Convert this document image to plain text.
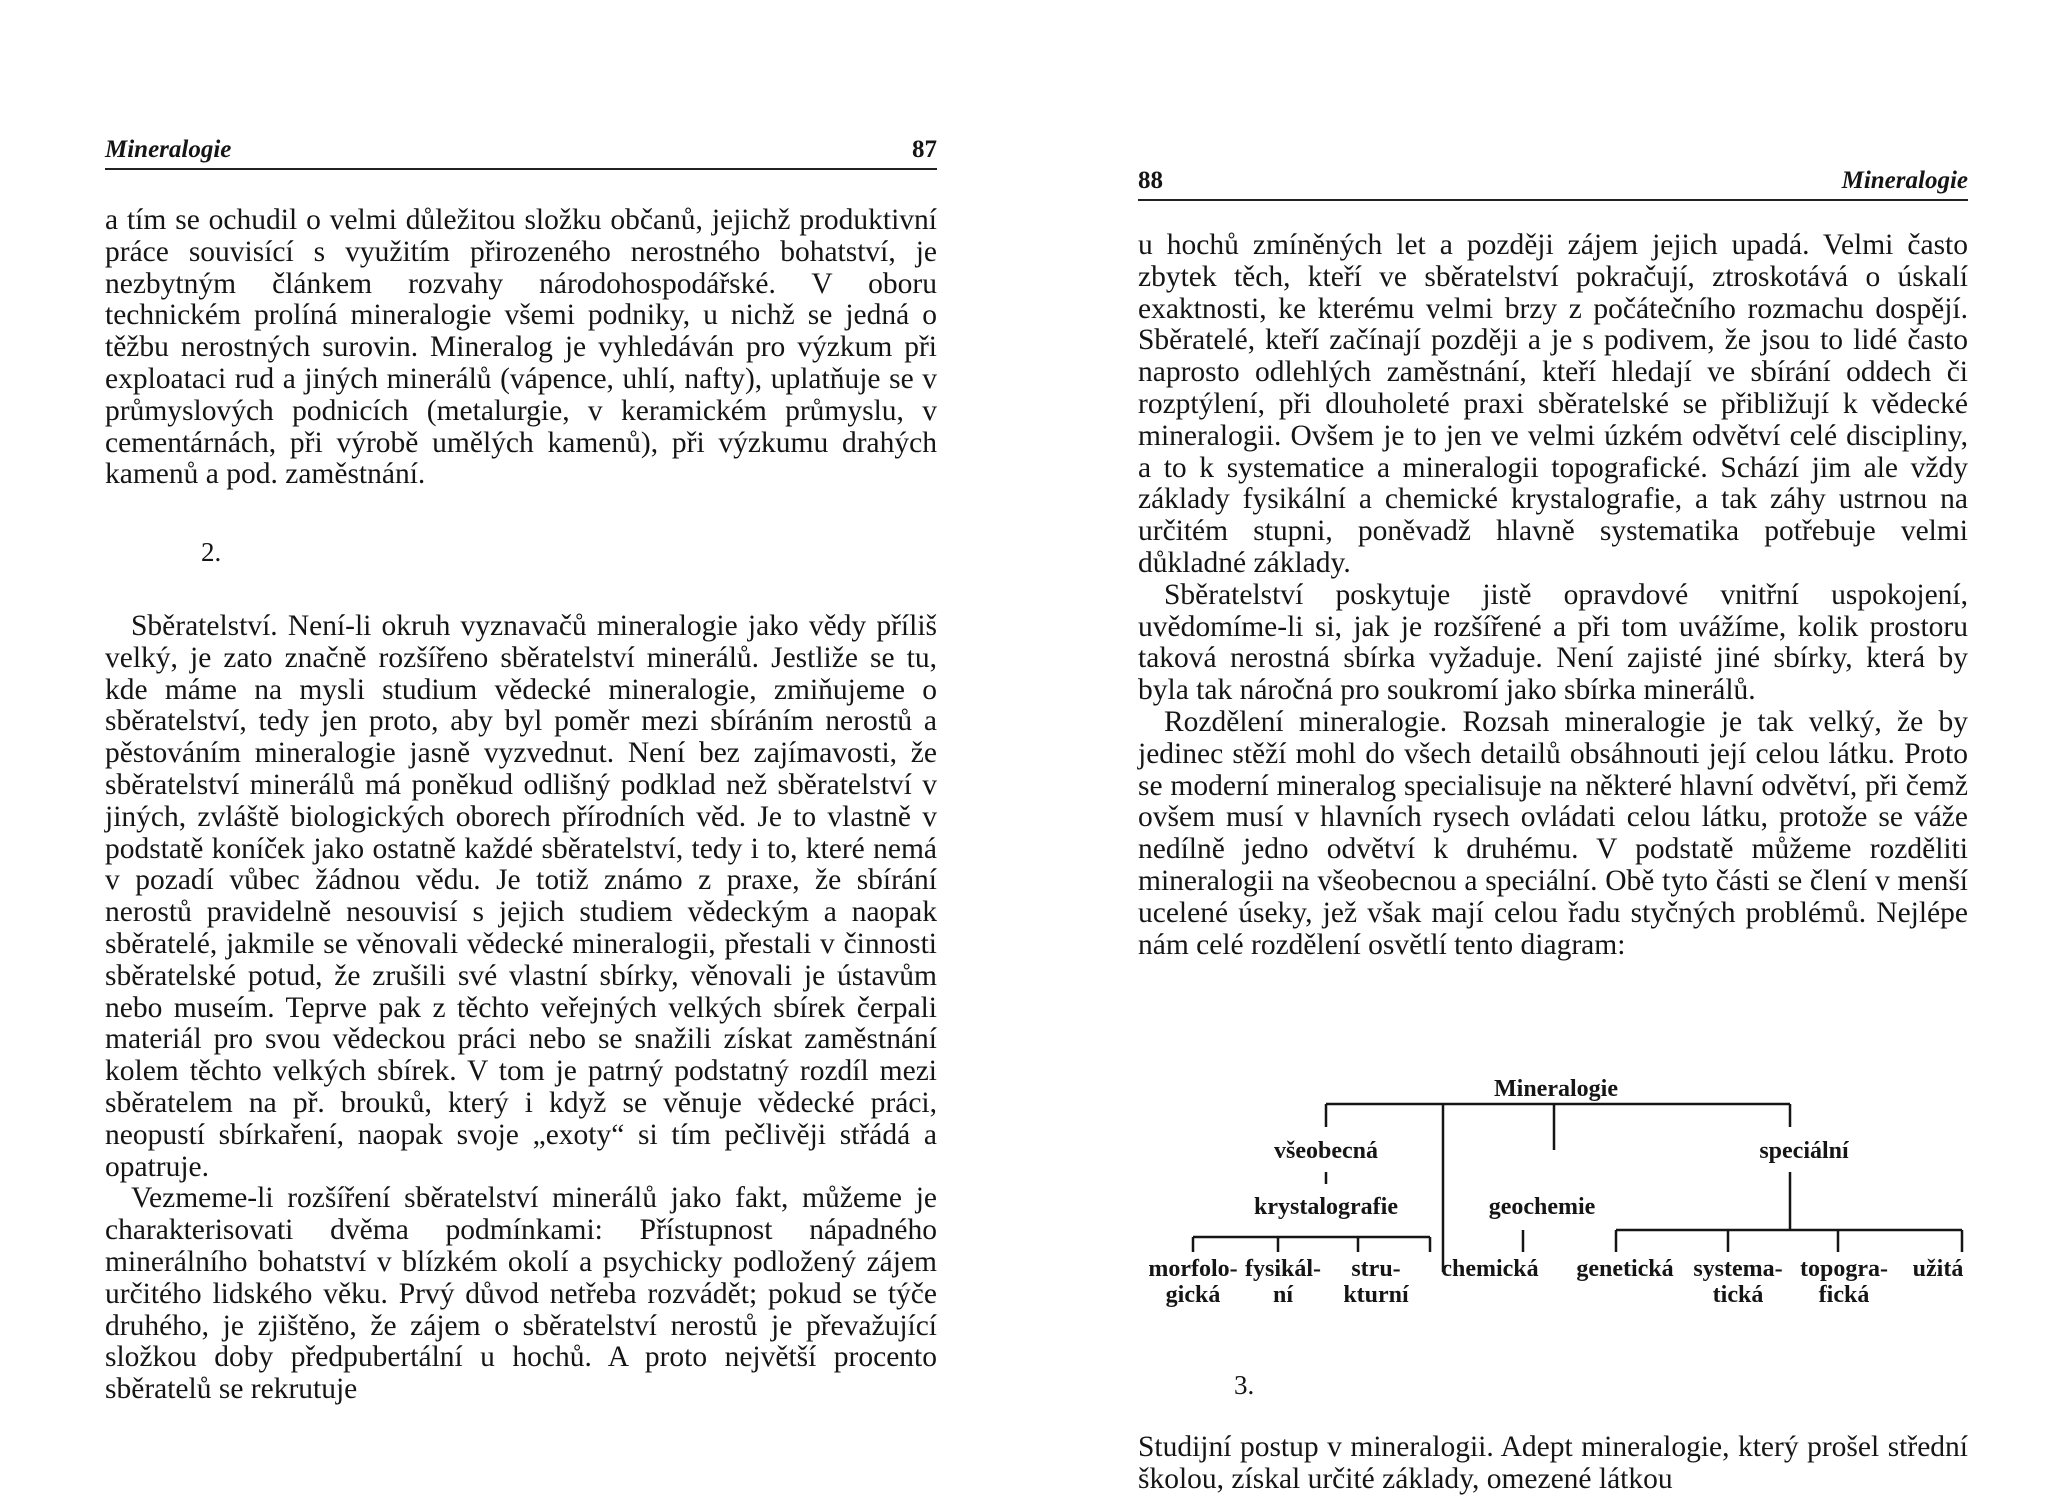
Mineralogie	87

a tím se ochudil o velmi důležitou složku občanů, jejichž produktivní práce souvisící s využitím přirozeného nerostného bohatství, je nezbytným článkem rozvahy národohospodářské. V oboru technickém prolíná mineralogie všemi podniky, u nichž se jedná o těžbu nerostných surovin. Mineralog je vyhledáván pro výzkum při exploataci rud a jiných minerálů (vápence, uhlí, nafty), uplatňuje se v průmyslových podnicích (metalurgie, v keramickém průmyslu, v cementárnách, při výrobě umělých kamenů), při výzkumu drahých kamenů a pod. zaměstnání.

2.

Sběratelství. Není-li okruh vyznavačů mineralogie jako vědy příliš velký, je zato značně rozšířeno sběratelství minerálů. Jestliže se tu, kde máme na mysli studium vědecké mineralogie, zmiňujeme o sběratelství, tedy jen proto, aby byl poměr mezi sbíráním nerostů a pěstováním mineralogie jasně vyzvednut. Není bez zajímavosti, že sběratelství minerálů má poněkud odlišný podklad než sběratelství v jiných, zvláště biologických oborech přírodních věd. Je to vlastně v podstatě koníček jako ostatně každé sběratelství, tedy i to, které nemá v pozadí vůbec žádnou vědu. Je totiž známo z praxe, že sbírání nerostů pravidelně nesouvisí s jejich studiem vědeckým a naopak sběratelé, jakmile se věnovali vědecké mineralogii, přestali v činnosti sběratelské potud, že zrušili své vlastní sbírky, věnovali je ústavům nebo museím. Teprve pak z těchto veřejných velkých sbírek čerpali materiál pro svou vědeckou práci nebo se snažili získat zaměstnání kolem těchto velkých sbírek. V tom je patrný podstatný rozdíl mezi sběratelem na př. brouků, který i když se věnuje vědecké práci, neopustí sbírkaření, naopak svoje „exoty“ si tím pečlivěji střádá a opatruje.

Vezmeme-li rozšíření sběratelství minerálů jako fakt, můžeme je charakterisovati dvěma podmínkami: Přístupnost nápadného minerálního bohatství v blízkém okolí a psychicky podložený zájem určitého lidského věku. Prvý důvod netřeba rozvádět; pokud se týče druhého, je zjištěno, že zájem o sběratelství nerostů je převažující složkou doby předpubertální u hochů. A proto největší procento sběratelů se rekrutuje

88	Mineralogie

u hochů zmíněných let a později zájem jejich upadá. Velmi často zbytek těch, kteří ve sběratelství pokračují, ztroskotává o úskalí exaktnosti, ke kterému velmi brzy z počátečního rozmachu dospějí. Sběratelé, kteří začínají později a je s podivem, že jsou to lidé často naprosto odlehlých zaměstnání, kteří hledají ve sbírání oddech či rozptýlení, při dlouholeté praxi sběratelské se přibližují k vědecké mineralogii. Ovšem je to jen ve velmi úzkém odvětví celé discipliny, a to k systematice a mineralogii topografické. Schází jim ale vždy základy fysikální a chemické krystalografie, a tak záhy ustrnou na určitém stupni, poněvadž hlavně systematika potřebuje velmi důkladné základy.

Sběratelství poskytuje jistě opravdové vnitřní uspokojení, uvědomíme-li si, jak je rozšířené a při tom uvážíme, kolik prostoru taková nerostná sbírka vyžaduje. Není zajisté jiné sbírky, která by byla tak náročná pro soukromí jako sbírka minerálů.

Rozdělení mineralogie. Rozsah mineralogie je tak velký, že by jedinec stěží mohl do všech detailů obsáhnouti její celou látku. Proto se moderní mineralog specialisuje na některé hlavní odvětví, při čemž ovšem musí v hlavních rysech ovládati celou látku, protože se váže nedílně jedno odvětví k druhému. V podstatě můžeme rozděliti mineralogii na všeobecnou a speciální. Obě tyto části se člení v menší ucelené úseky, jež však mají celou řadu styčných problémů. Nejlépe nám celé rozdělení osvětlí tento diagram:

Mineralogie
všeobecná	speciální
krystalografie	geochemie
morfolo-
gická
fysikál-
ní
stru-
kturní
chemická genetická systema-
tická
topogra-
fická
užitá

3.

Studijní postup v mineralogii. Adept mineralogie, který prošel střední školou, získal určité základy, omezené látkou
